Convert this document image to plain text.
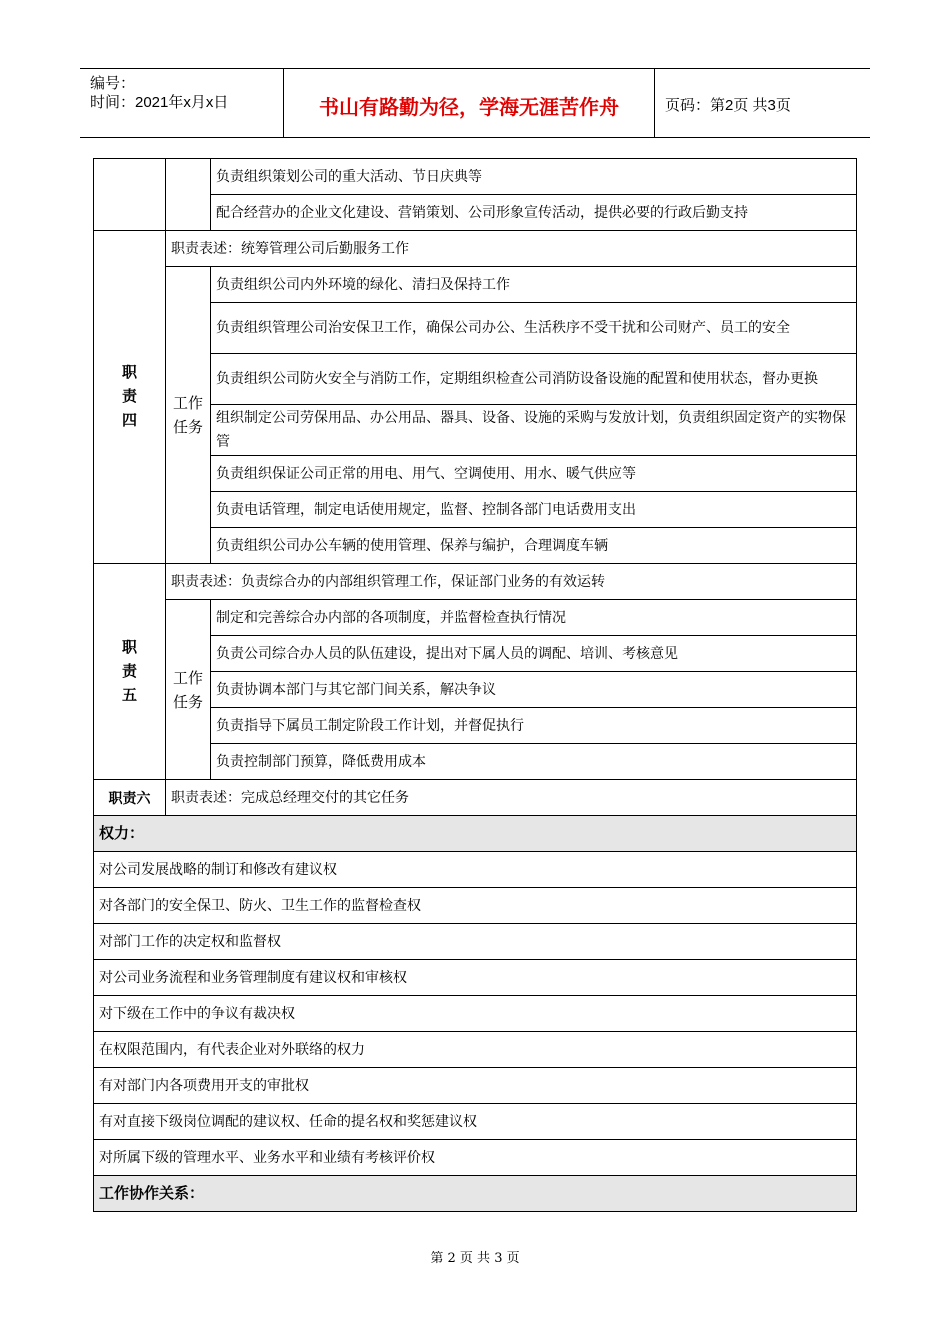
编号：
时间：2021年x月x日	书山有路勤为径，学海无涯苦作舟	页码：第2页 共3页
		负责组织策划公司的重大活动、节日庆典等
		配合经营办的企业文化建设、营销策划、公司形象宣传活动，提供必要的行政后勤支持
职责四	职责表述：统筹管理公司后勤服务工作	
	工作任务	负责组织公司内外环境的绿化、清扫及保持工作
		负责组织管理公司治安保卫工作，确保公司办公、生活秩序不受干扰和公司财产、员工的安全
		负责组织公司防火安全与消防工作，定期组织检查公司消防设备设施的配置和使用状态，督办更换
		组织制定公司劳保用品、办公用品、器具、设备、设施的采购与发放计划，负责组织固定资产的实物保管
		负责组织保证公司正常的用电、用气、空调使用、用水、暖气供应等
		负责电话管理，制定电话使用规定，监督、控制各部门电话费用支出
		负责组织公司办公车辆的使用管理、保养与编护，合理调度车辆
职责五	职责表述：负责综合办的内部组织管理工作，保证部门业务的有效运转	
	工作任务	制定和完善综合办内部的各项制度，并监督检查执行情况
		负责公司综合办人员的队伍建设，提出对下属人员的调配、培训、考核意见
		负责协调本部门与其它部门间关系，解决争议
		负责指导下属员工制定阶段工作计划，并督促执行
		负责控制部门预算，降低费用成本
职责六	职责表述：完成总经理交付的其它任务	
权力：		
对公司发展战略的制订和修改有建议权		
对各部门的安全保卫、防火、卫生工作的监督检查权		
对部门工作的决定权和监督权		
对公司业务流程和业务管理制度有建议权和审核权		
对下级在工作中的争议有裁决权		
在权限范围内，有代表企业对外联络的权力		
有对部门内各项费用开支的审批权		
有对直接下级岗位调配的建议权、任命的提名权和奖惩建议权		
对所属下级的管理水平、业务水平和业绩有考核评价权		
工作协作关系：		
第 2 页 共 3 页
